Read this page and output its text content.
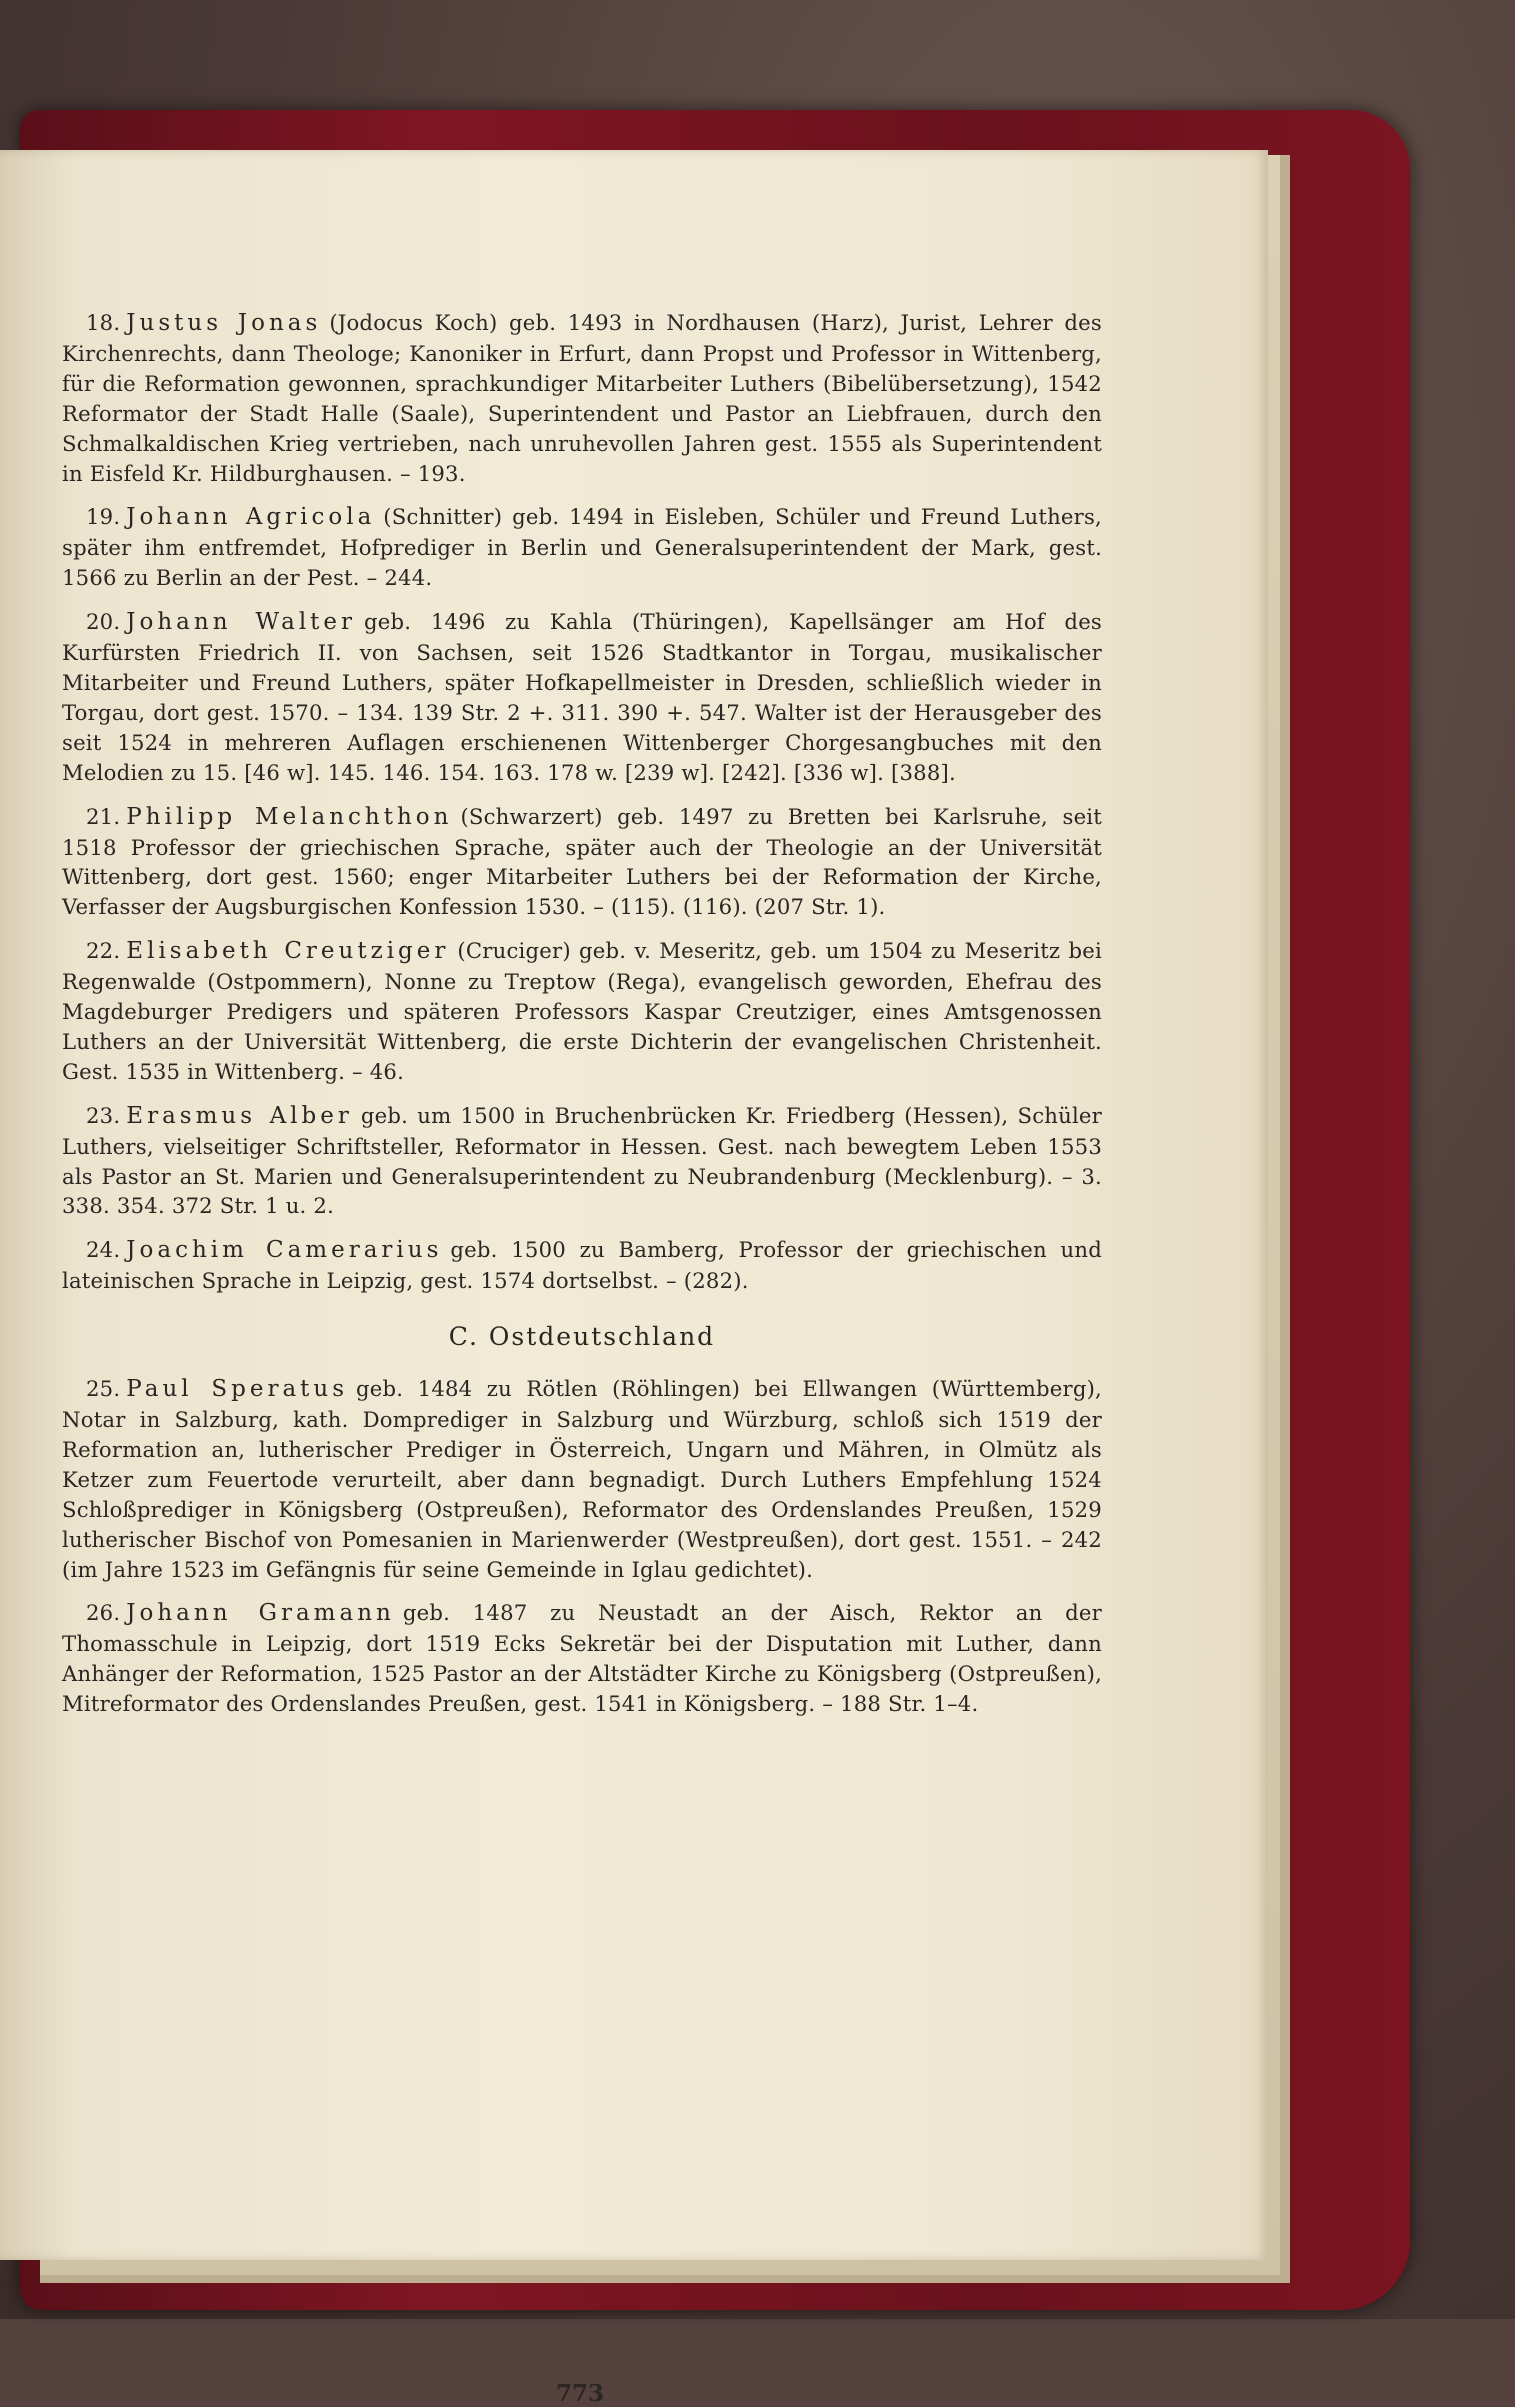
18. Justus Jonas (Jodocus Koch) geb. 1493 in Nordhausen (Harz), Jurist, Lehrer des Kirchenrechts, dann Theologe; Kanoniker in Erfurt, dann Propst und Professor in Wittenberg, für die Reformation gewonnen, sprachkundiger Mitarbeiter Luthers (Bibelübersetzung), 1542 Reformator der Stadt Halle (Saale), Superintendent und Pastor an Liebfrauen, durch den Schmalkaldischen Krieg vertrieben, nach unruhevollen Jahren gest. 1555 als Superintendent in Eisfeld Kr. Hildburghausen. – 193.

19. Johann Agricola (Schnitter) geb. 1494 in Eisleben, Schüler und Freund Luthers, später ihm entfremdet, Hofprediger in Berlin und Generalsuperintendent der Mark, gest. 1566 zu Berlin an der Pest. – 244.

20. Johann Walter geb. 1496 zu Kahla (Thüringen), Kapellsänger am Hof des Kurfürsten Friedrich II. von Sachsen, seit 1526 Stadtkantor in Torgau, musikalischer Mitarbeiter und Freund Luthers, später Hofkapellmeister in Dresden, schließlich wieder in Torgau, dort gest. 1570. – 134. 139 Str. 2 +. 311. 390 +. 547. Walter ist der Herausgeber des seit 1524 in mehreren Auflagen erschienenen Wittenberger Chorgesangbuches mit den Melodien zu 15. [46 w]. 145. 146. 154. 163. 178 w. [239 w]. [242]. [336 w]. [388].

21. Philipp Melanchthon (Schwarzert) geb. 1497 zu Bretten bei Karlsruhe, seit 1518 Professor der griechischen Sprache, später auch der Theologie an der Universität Wittenberg, dort gest. 1560; enger Mitarbeiter Luthers bei der Reformation der Kirche, Verfasser der Augsburgischen Konfession 1530. – (115). (116). (207 Str. 1).

22. Elisabeth Creutziger (Cruciger) geb. v. Meseritz, geb. um 1504 zu Meseritz bei Regenwalde (Ostpommern), Nonne zu Treptow (Rega), evangelisch geworden, Ehefrau des Magdeburger Predigers und späteren Professors Kaspar Creutziger, eines Amtsgenossen Luthers an der Universität Wittenberg, die erste Dichterin der evangelischen Christenheit. Gest. 1535 in Wittenberg. – 46.

23. Erasmus Alber geb. um 1500 in Bruchenbrücken Kr. Friedberg (Hessen), Schüler Luthers, vielseitiger Schriftsteller, Reformator in Hessen. Gest. nach bewegtem Leben 1553 als Pastor an St. Marien und Generalsuperintendent zu Neubrandenburg (Mecklenburg). – 3. 338. 354. 372 Str. 1 u. 2.

24. Joachim Camerarius geb. 1500 zu Bamberg, Professor der griechischen und lateinischen Sprache in Leipzig, gest. 1574 dortselbst. – (282).

C. Ostdeutschland

25. Paul Speratus geb. 1484 zu Rötlen (Röhlingen) bei Ellwangen (Württemberg), Notar in Salzburg, kath. Domprediger in Salzburg und Würzburg, schloß sich 1519 der Reformation an, lutherischer Prediger in Österreich, Ungarn und Mähren, in Olmütz als Ketzer zum Feuertode verurteilt, aber dann begnadigt. Durch Luthers Empfehlung 1524 Schloßprediger in Königsberg (Ostpreußen), Reformator des Ordenslandes Preußen, 1529 lutherischer Bischof von Pomesanien in Marienwerder (Westpreußen), dort gest. 1551. – 242 (im Jahre 1523 im Gefängnis für seine Gemeinde in Iglau gedichtet).

26. Johann Gramann geb. 1487 zu Neustadt an der Aisch, Rektor an der Thomasschule in Leipzig, dort 1519 Ecks Sekretär bei der Disputation mit Luther, dann Anhänger der Reformation, 1525 Pastor an der Altstädter Kirche zu Königsberg (Ostpreußen), Mitreformator des Ordenslandes Preußen, gest. 1541 in Königsberg. – 188 Str. 1–4.

773
